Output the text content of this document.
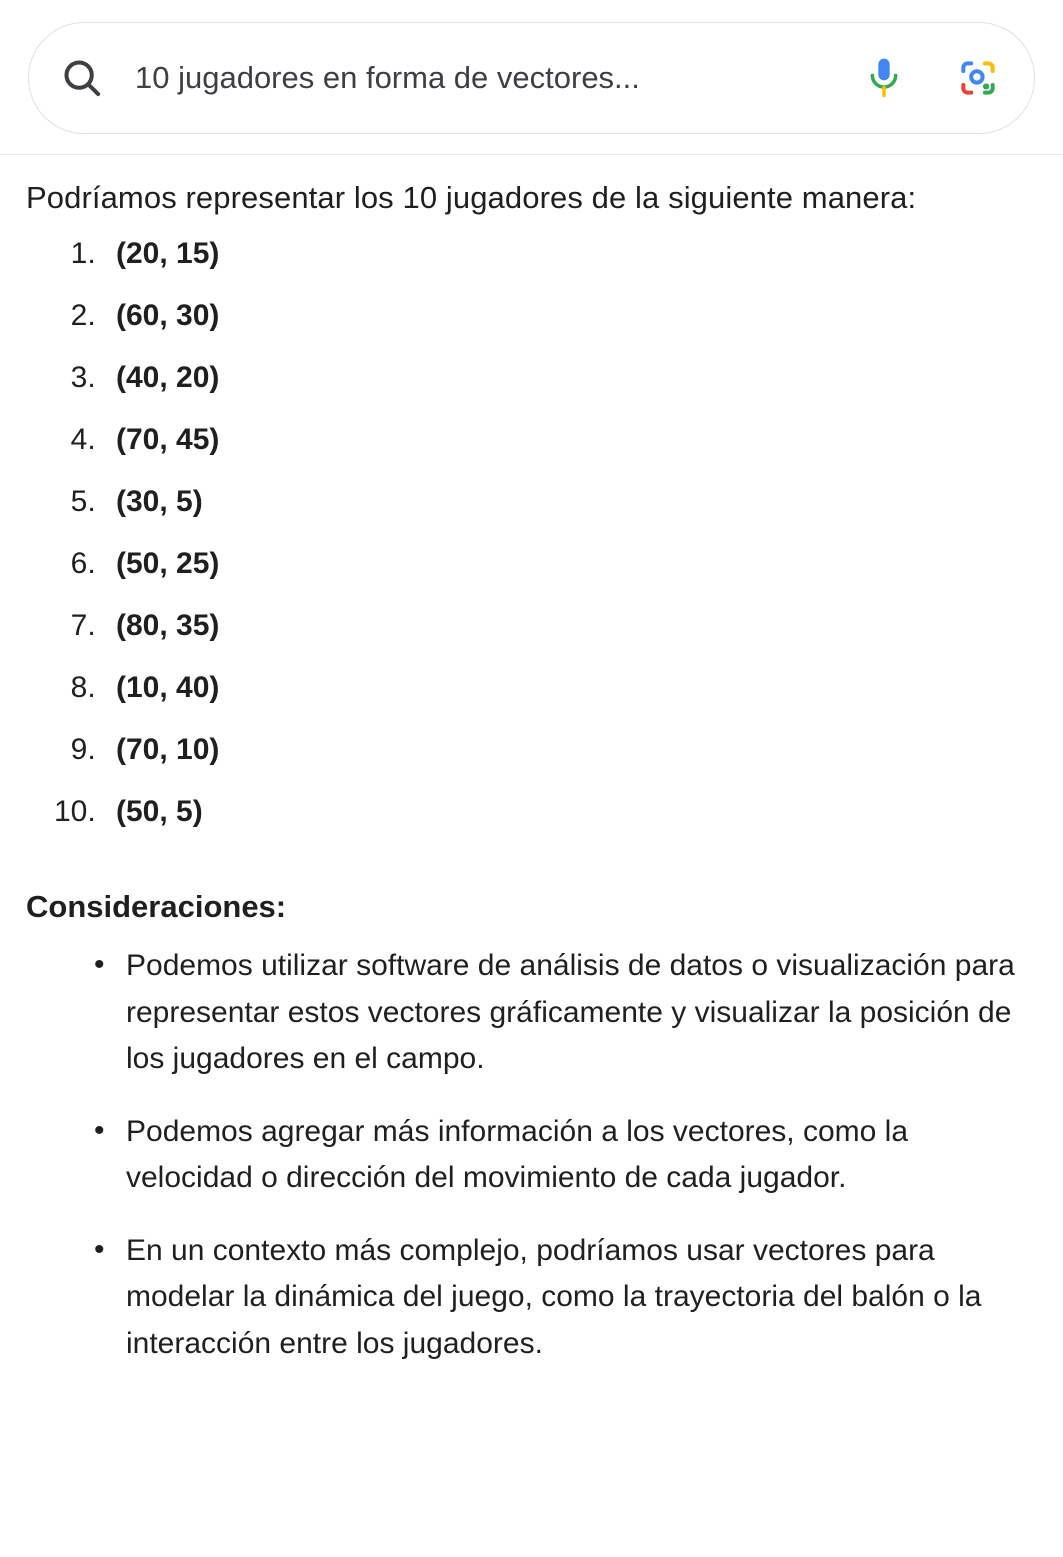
10 jugadores en forma de vectores...

Podríamos representar los 10 jugadores de la siguiente manera:

1. (20, 15)
2. (60, 30)
3. (40, 20)
4. (70, 45)
5. (30, 5)
6. (50, 25)
7. (80, 35)
8. (10, 40)
9. (70, 10)
10. (50, 5)
Consideraciones:
• Podemos utilizar software de análisis de datos o visualización para representar estos vectores gráficamente y visualizar la posición de los jugadores en el campo.
• Podemos agregar más información a los vectores, como la velocidad o dirección del movimiento de cada jugador.
• En un contexto más complejo, podríamos usar vectores para modelar la dinámica del juego, como la trayectoria del balón o la interacción entre los jugadores.
